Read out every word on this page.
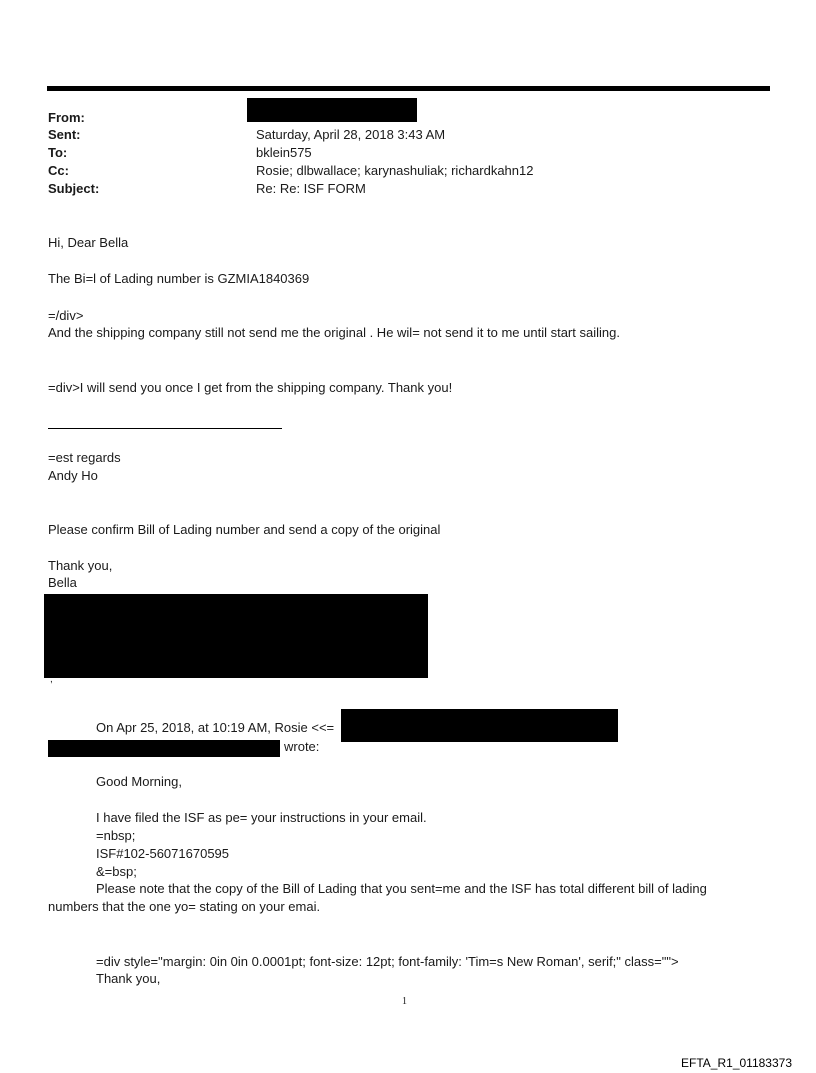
From:
Sent:
To:
Cc:
Subject:
Saturday, April 28, 2018 3:43 AM
bklein575
Rosie; dlbwallace; karynashuliak; richardkahn12
Re: Re: ISF FORM
Hi, Dear Bella
The Bi=l of Lading number is GZMIA1840369
=/div>
And the shipping company still not send me the original . He wil= not send it to me until start sailing.
=div>I will send you once I get from the shipping company. Thank you!
=est regards
Andy Ho
Please confirm Bill of Lading number and send a copy of the original
Thank you,
Bella
,
On Apr 25, 2018, at 10:19 AM, Rosie <<=
wrote:
Good Morning,
I have filed the ISF as pe= your instructions in your email.
=nbsp;
ISF#102-56071670595
&=bsp;
Please note that the copy of the Bill of Lading that you sent=me and the ISF has total different bill of lading
numbers that the one yo= stating on your emai.
=div style="margin: 0in 0in 0.0001pt; font-size: 12pt; font-family: 'Tim=s New Roman', serif;" class="">
Thank you,
1
EFTA_R1_01183373
